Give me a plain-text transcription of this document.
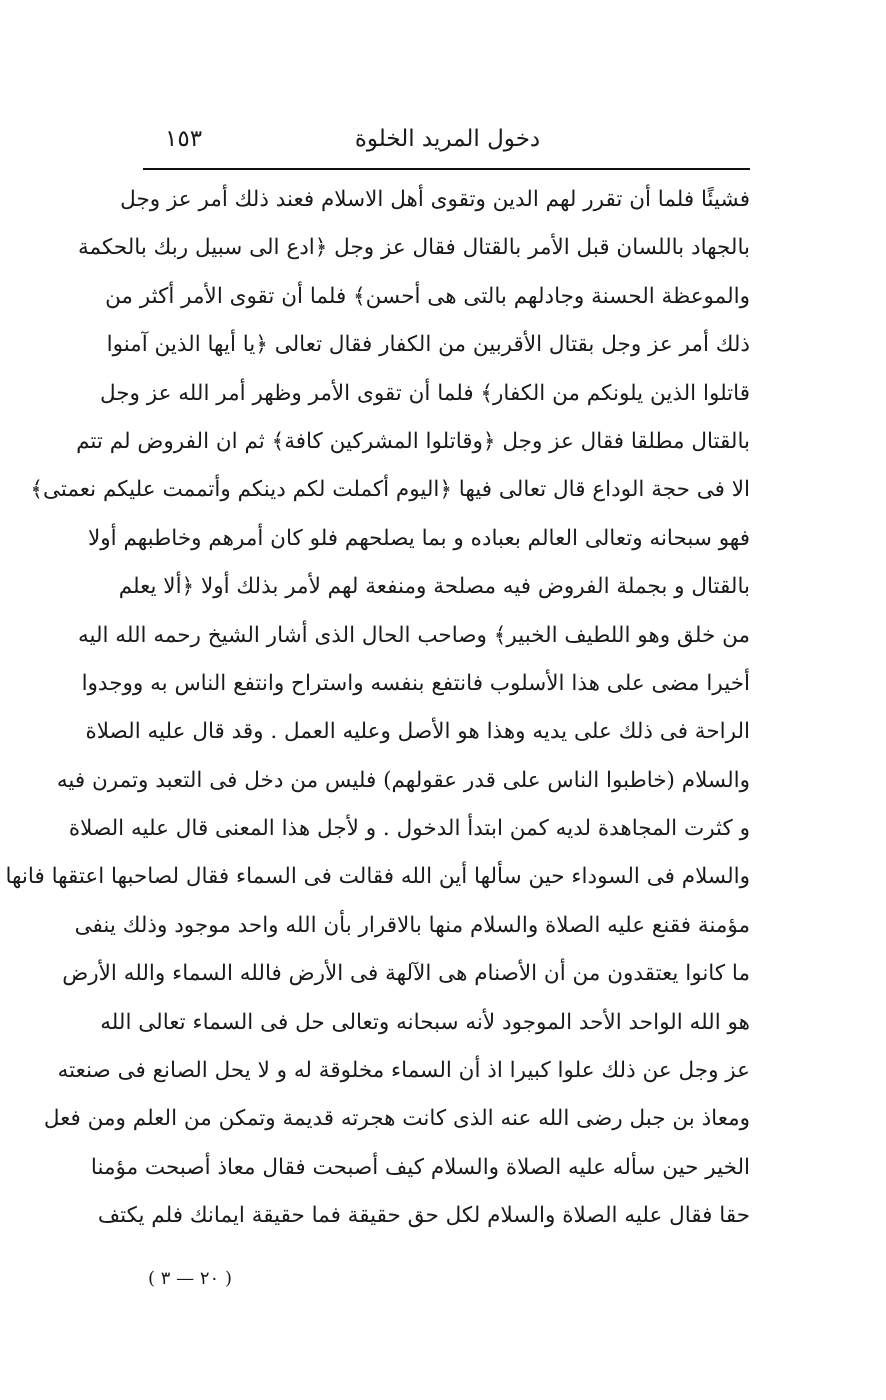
دخول المريد الخلوة
١٥٣
فشيئًا فلما أن تقرر لهم الدين وتقوى أهل الاسلام فعند ذلك أمر عز وجل
بالجهاد باللسان قبل الأمر بالقتال فقال عز وجل ﴿ادع الى سبيل ربك بالحكمة
والموعظة الحسنة وجادلهم بالتى هى أحسن﴾ فلما أن تقوى الأمر أكثر من
ذلك أمر عز وجل بقتال الأقربين من الكفار فقال تعالى ﴿يا أيها الذين آمنوا
قاتلوا الذين يلونكم من الكفار﴾ فلما أن تقوى الأمر وظهر أمر الله عز وجل
بالقتال مطلقا فقال عز وجل ﴿وقاتلوا المشركين كافة﴾ ثم ان الفروض لم تتم
الا فى حجة الوداع قال تعالى فيها ﴿اليوم أكملت لكم دينكم وأتممت عليكم نعمتى﴾
فهو سبحانه وتعالى العالم بعباده و بما يصلحهم فلو كان أمرهم وخاطبهم أولا
بالقتال و بجملة الفروض فيه مصلحة ومنفعة لهم لأمر بذلك أولا ﴿ألا يعلم
من خلق وهو اللطيف الخبير﴾ وصاحب الحال الذى أشار الشيخ رحمه الله اليه
أخيرا مضى على هذا الأسلوب فانتفع بنفسه واستراح وانتفع الناس به ووجدوا
الراحة فى ذلك على يديه وهذا هو الأصل وعليه العمل . وقد قال عليه الصلاة
والسلام (خاطبوا الناس على قدر عقولهم) فليس من دخل فى التعبد وتمرن فيه
و كثرت المجاهدة لديه كمن ابتدأ الدخول . و لأجل هذا المعنى قال عليه الصلاة
والسلام فى السوداء حين سألها أين الله فقالت فى السماء فقال لصاحبها اعتقها فانها
مؤمنة فقنع عليه الصلاة والسلام منها بالاقرار بأن الله واحد موجود وذلك ينفى
ما كانوا يعتقدون من أن الأصنام هى الآلهة فى الأرض فالله السماء والله الأرض
هو الله الواحد الأحد الموجود لأنه سبحانه وتعالى حل فى السماء تعالى الله
عز وجل عن ذلك علوا كبيرا اذ أن السماء مخلوقة له و لا يحل الصانع فى صنعته
ومعاذ بن جبل رضى الله عنه الذى كانت هجرته قديمة وتمكن من العلم ومن فعل
الخير حين سأله عليه الصلاة والسلام كيف أصبحت فقال معاذ أصبحت مؤمنا
حقا فقال عليه الصلاة والسلام لكل حق حقيقة فما حقيقة ايمانك فلم يكتف
( ٢٠ — ٣ )
